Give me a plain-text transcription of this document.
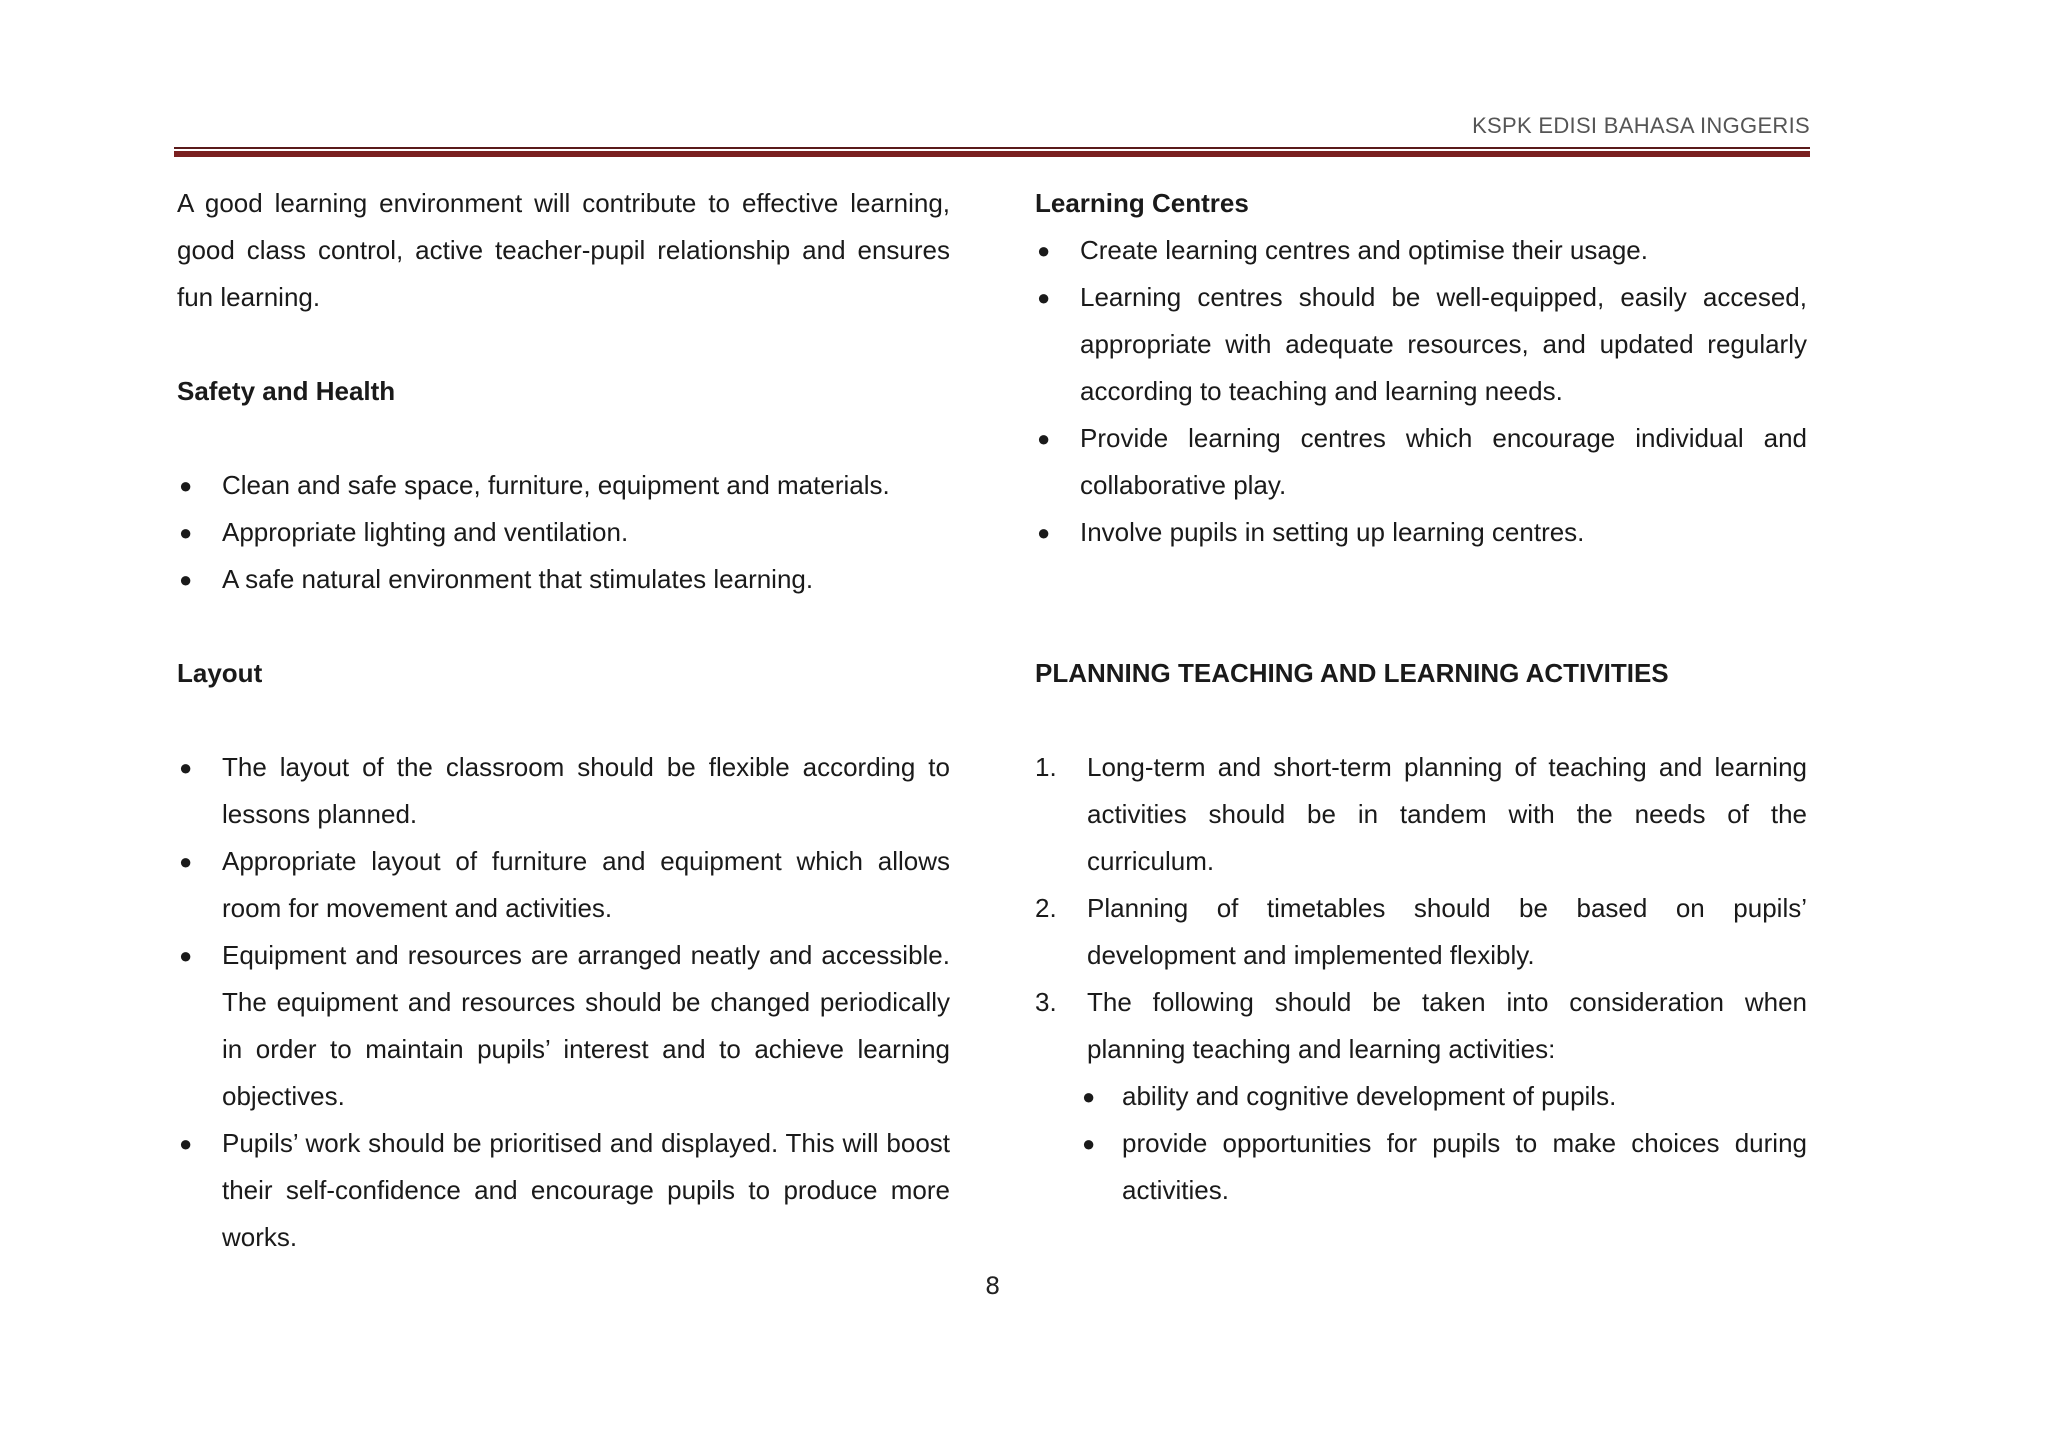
KSPK EDISI BAHASA INGGERIS

A good learning environment will contribute to effective learning, good class control, active teacher-pupil relationship and ensures fun learning.

Safety and Health

● Clean and safe space, furniture, equipment and materials.
● Appropriate lighting and ventilation.
● A safe natural environment that stimulates learning.

Layout

● The layout of the classroom should be flexible according to lessons planned.
● Appropriate layout of furniture and equipment which allows room for movement and activities.
● Equipment and resources are arranged neatly and accessible. The equipment and resources should be changed periodically in order to maintain pupils’ interest and to achieve learning objectives.
● Pupils’ work should be prioritised and displayed. This will boost their self-confidence and encourage pupils to produce more works.

Learning Centres

● Create learning centres and optimise their usage.
● Learning centres should be well-equipped, easily accesed, appropriate with adequate resources, and updated regularly according to teaching and learning needs.
● Provide learning centres which encourage individual and collaborative play.
● Involve pupils in setting up learning centres.

PLANNING TEACHING AND LEARNING ACTIVITIES

1. Long-term and short-term planning of teaching and learning activities should be in tandem with the needs of the curriculum.
2. Planning of timetables should be based on pupils’ development and implemented flexibly.
3. The following should be taken into consideration when planning teaching and learning activities:
● ability and cognitive development of pupils.
● provide opportunities for pupils to make choices during activities.
8
